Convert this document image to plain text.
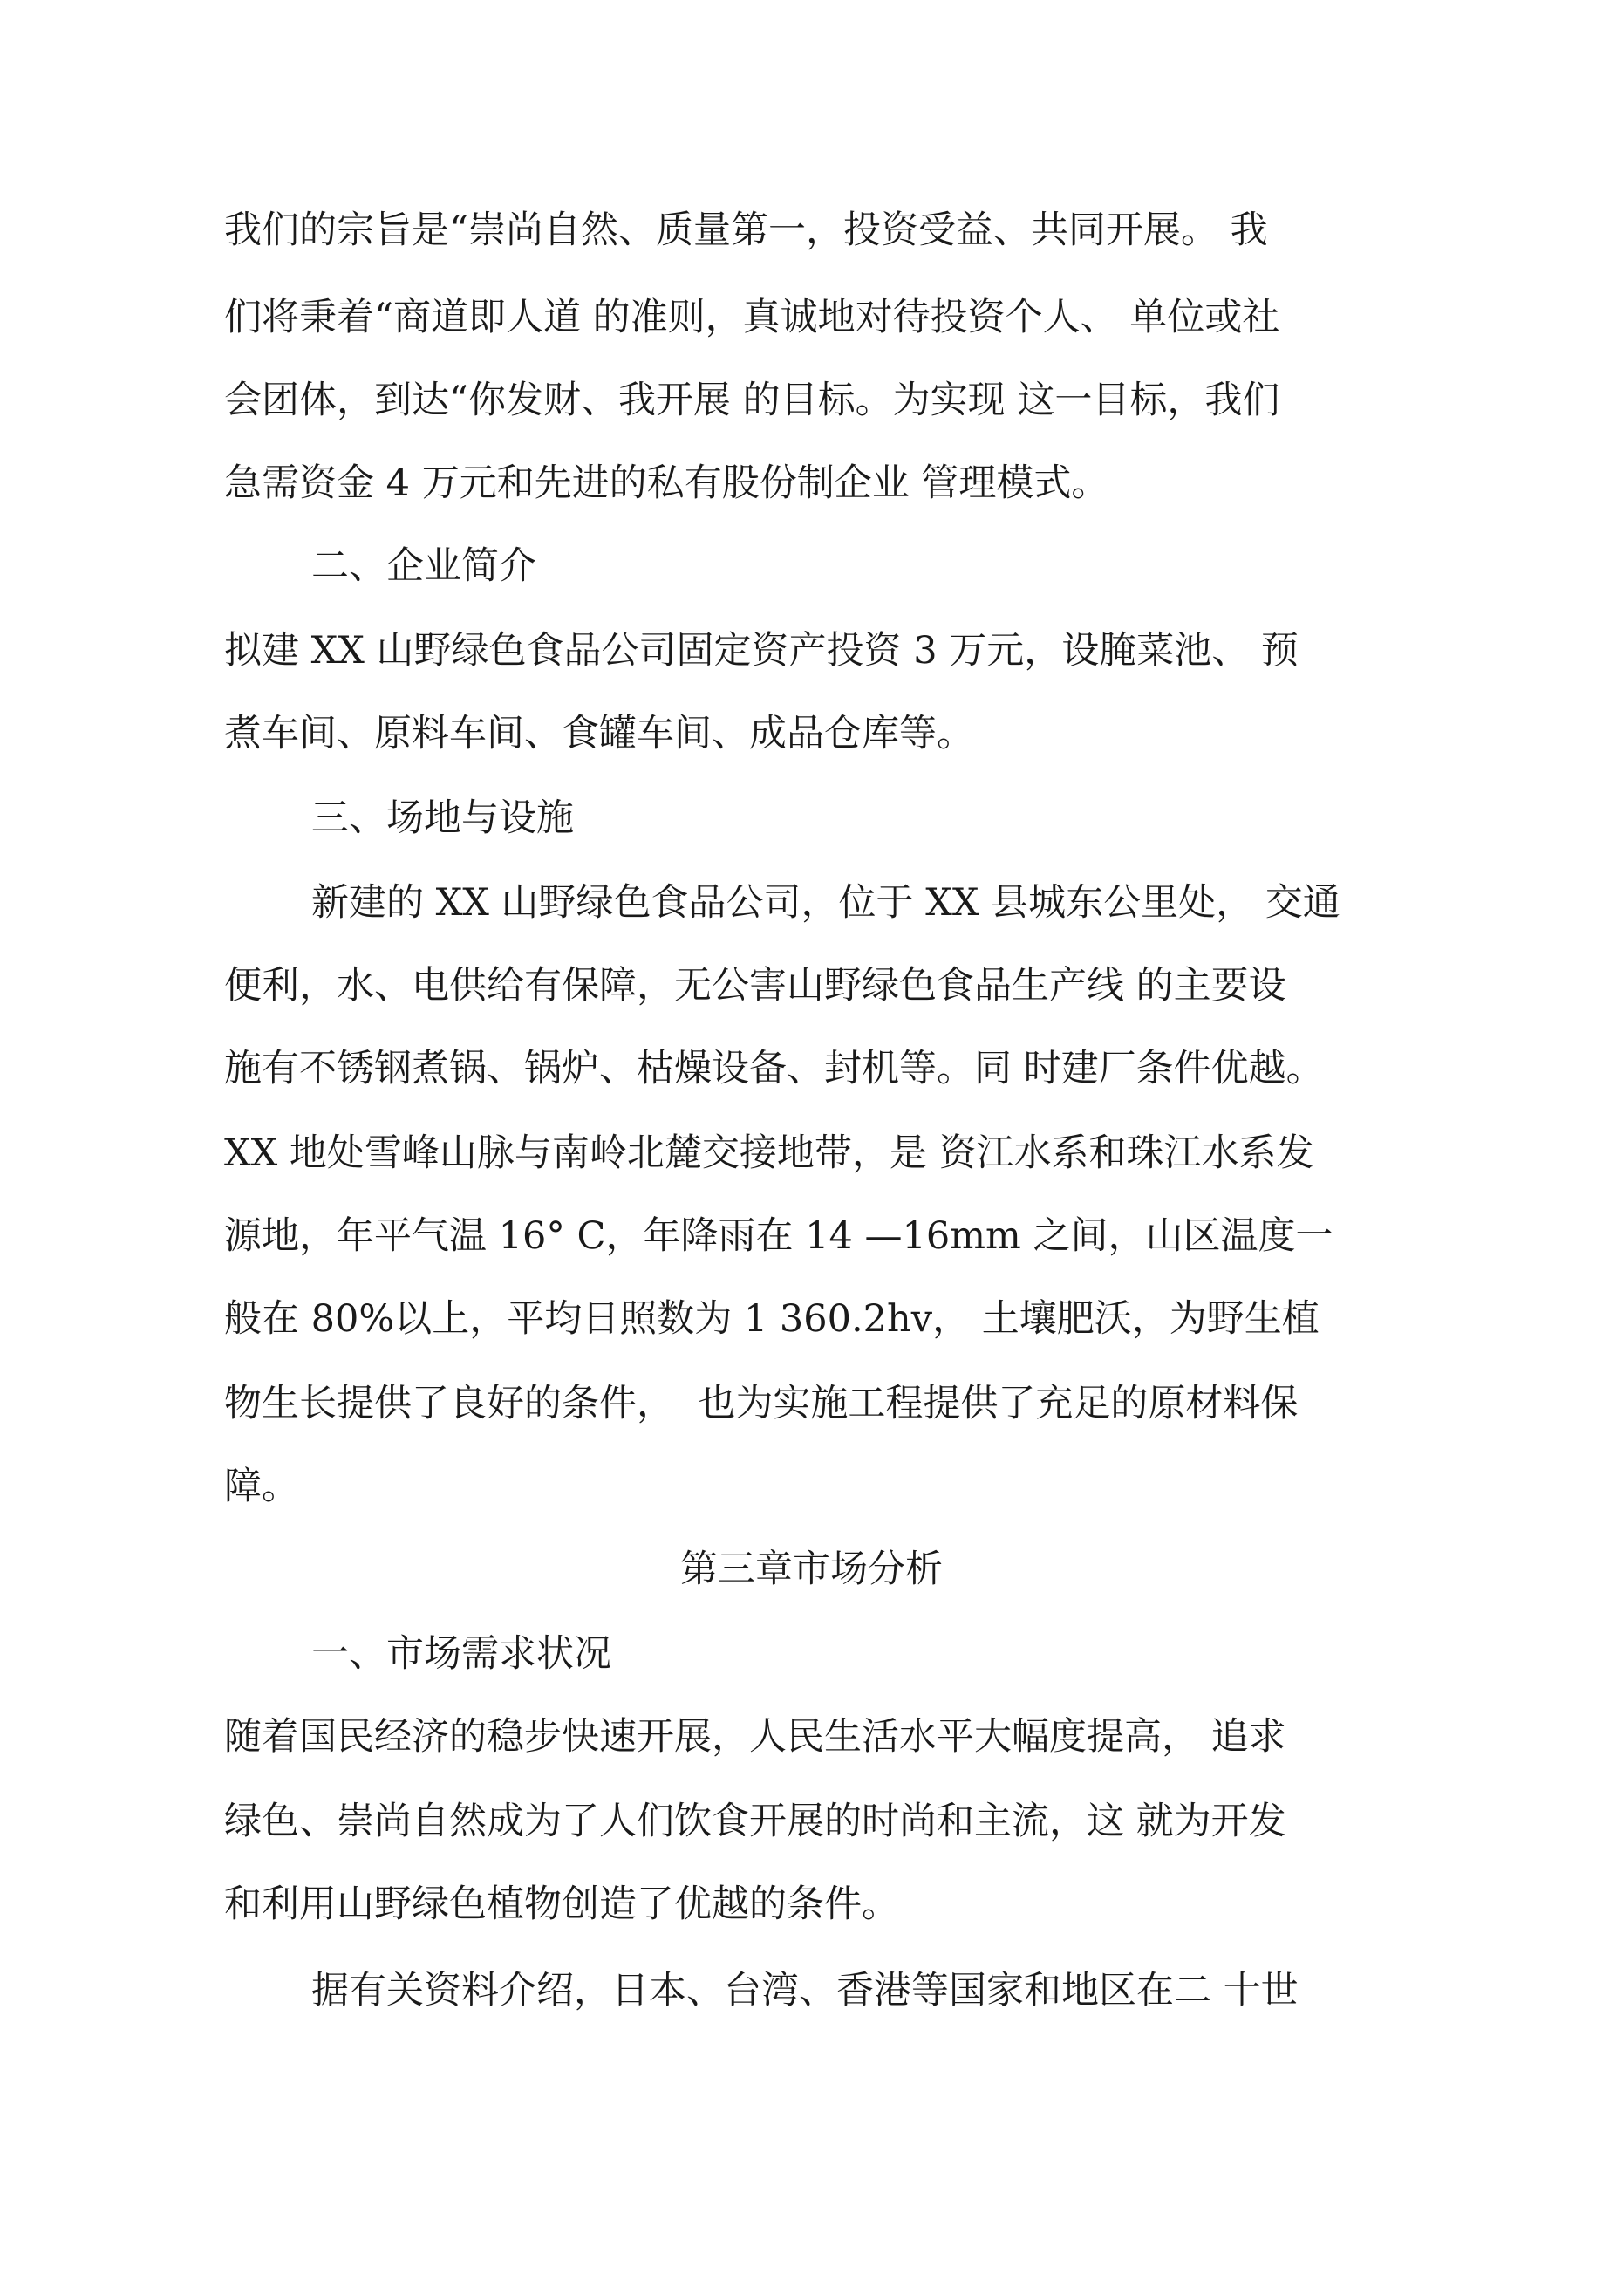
我们的宗旨是“崇尚自然、质量第一，投资受益、共同开展。 我
们将秉着“商道即人道 的准则，真诚地对待投资个人、 单位或社
会团体，到达“你发财、我开展 的目标。为实现 这一目标，我们
急需资金 4 万元和先进的私有股份制企业 管理模式。
二、企业简介
拟建 XX 山野绿色食品公司固定资产投资 3 万元，设腌菜池、 预
煮车间、原料车间、食罐车间、成品仓库等。
三、场地与设施
新建的 XX 山野绿色食品公司，位于 XX 县城东公里处， 交通
便利，水、电供给有保障，无公害山野绿色食品生产线 的主要设
施有不锈钢煮锅、锅炉、枯燥设备、封机等。同 时建厂条件优越。
XX 地处雪峰山脉与南岭北麓交接地带，是 资江水系和珠江水系发
源地，年平气温 16° C，年降雨在 14 —16mm 之间，山区温度一
般在 80%以上，平均日照数为 1 360.2hv， 土壤肥沃，为野生植
物生长提供了良好的条件，  也为实施工程提供了充足的原材料保
障。
第三章市场分析
一、市场需求状况
随着国民经济的稳步快速开展，人民生活水平大幅度提高， 追求
绿色、崇尚自然成为了人们饮食开展的时尚和主流，这 就为开发
和利用山野绿色植物创造了优越的条件。
据有关资料介绍，日本、台湾、香港等国家和地区在二 十世
